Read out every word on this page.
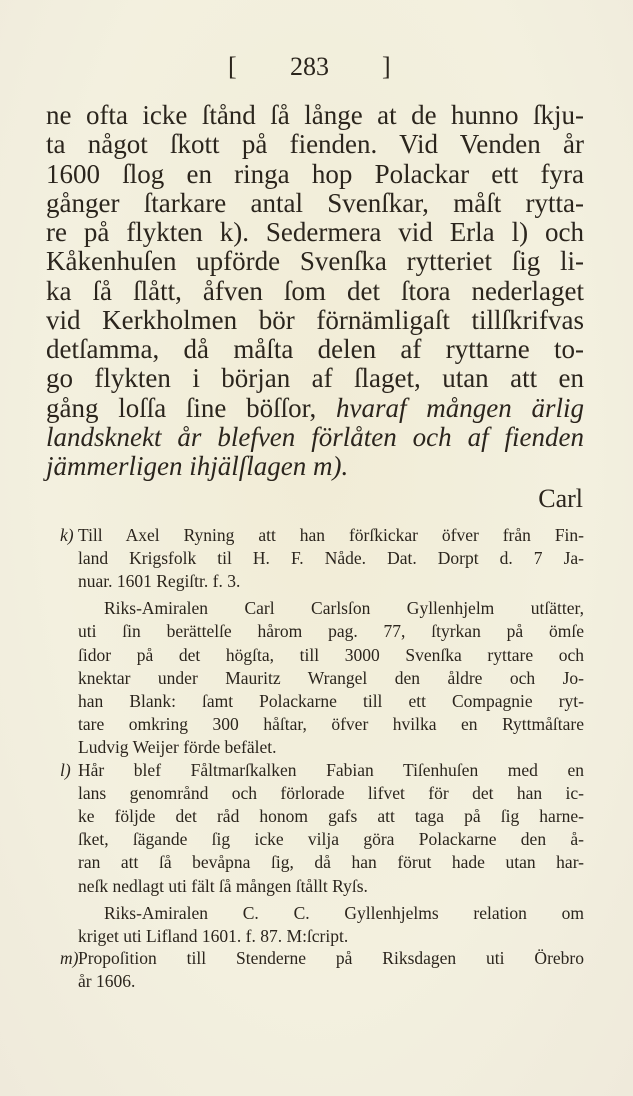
[ 283 ]
ne ofta icke ſtånd ſå långe at de hunno ſkju-
ta något ſkott på fienden. Vid Venden år
1600 ſlog en ringa hop Polackar ett fyra
gånger ſtarkare antal Svenſkar, måſt rytta-
re på flykten k). Sedermera vid Erla l) och
Kåkenhuſen upförde Svenſka rytteriet ſig li-
ka ſå ſlått, åfven ſom det ſtora nederlaget
vid Kerkholmen bör förnämligaſt tillſkrifvas
detſamma, då måſta delen af ryttarne to-
go flykten i början af ſlaget, utan att en
gång loſſa ſine böſſor, hvaraf mången ärlig
landsknekt år blefven förlåten och af fienden
jämmerligen ihjälſlagen m).
Carl
k) Till Axel Ryning att han förſkickar öfver från Fin-
land Krigsfolk til H. F. Nåde. Dat. Dorpt d. 7 Ja-
nuar. 1601 Regiſtr. f. 3.
Riks-Amiralen Carl Carlsſon Gyllenhjelm utſätter,
uti ſin berättelſe hårom pag. 77, ſtyrkan på ömſe
ſidor på det högſta, till 3000 Svenſka ryttare och
knektar under Mauritz Wrangel den åldre och Jo-
han Blank: ſamt Polackarne till ett Compagnie ryt-
tare omkring 300 håſtar, öfver hvilka en Ryttmåſtare
Ludvig Weijer förde befälet.
l) Hår blef Fåltmarſkalken Fabian Tiſenhuſen med en
lans genområnd och förlorade lifvet för det han ic-
ke följde det råd honom gafs att taga på ſig harne-
ſket, ſägande ſig icke vilja göra Polackarne den å-
ran att ſå bevåpna ſig, då han förut hade utan har-
neſk nedlagt uti fält ſå mången ſtållt Ryſs.
Riks-Amiralen C. C. Gyllenhjelms relation om
kriget uti Lifland 1601. f. 87. M:ſcript.
m) Propoſition till Stenderne på Riksdagen uti Örebro
år 1606.
